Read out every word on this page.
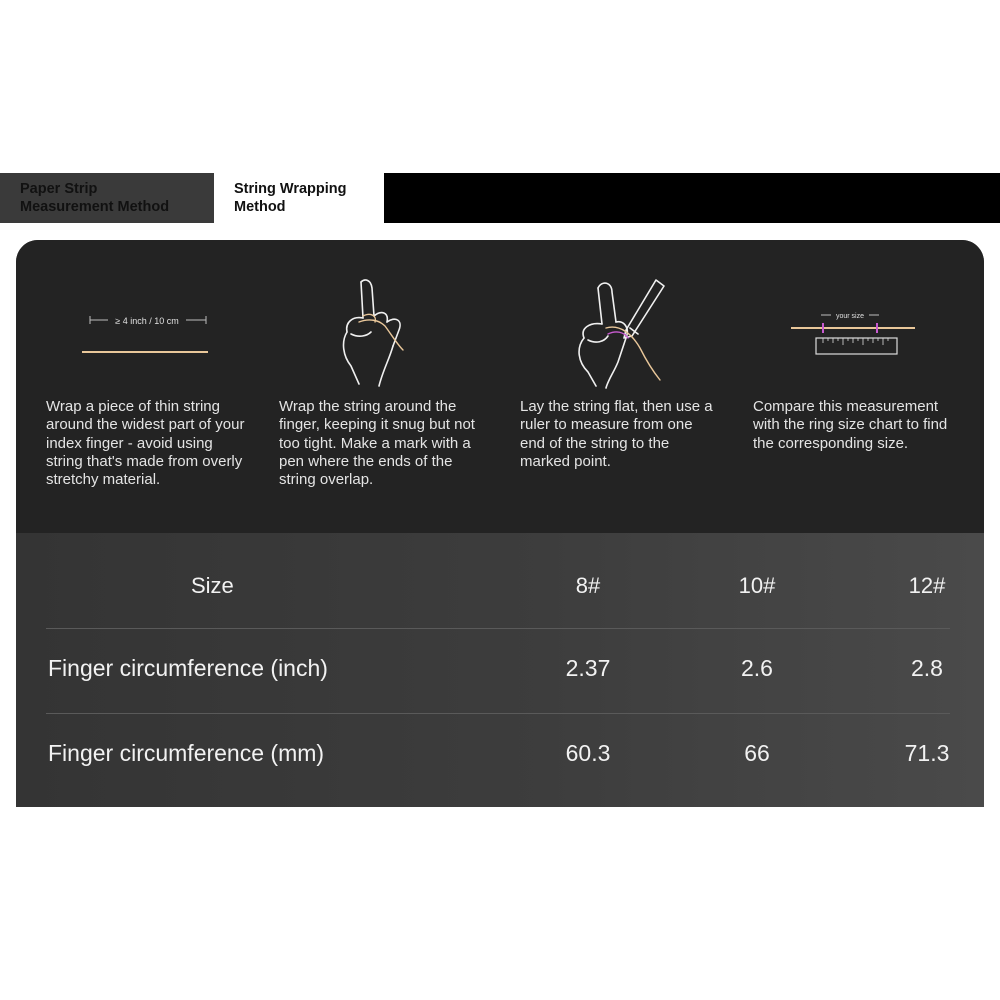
Paper Strip
Measurement Method
String Wrapping
Method
≥ 4 inch / 10 cm
Wrap a piece of thin string around the widest part of your index finger - avoid using string that's made from overly stretchy material.
Wrap the string around the finger, keeping it snug but not too tight. Make a mark with a pen where the ends of the string overlap.
Lay the string flat, then use a ruler to measure from one end of the string to the marked point.
your size
Compare this measurement with the ring size chart to find the corresponding size.
Size	8#	10#	12#
Finger circumference (inch)	2.37	2.6	2.8
Finger circumference (mm)	60.3	66	71.3
